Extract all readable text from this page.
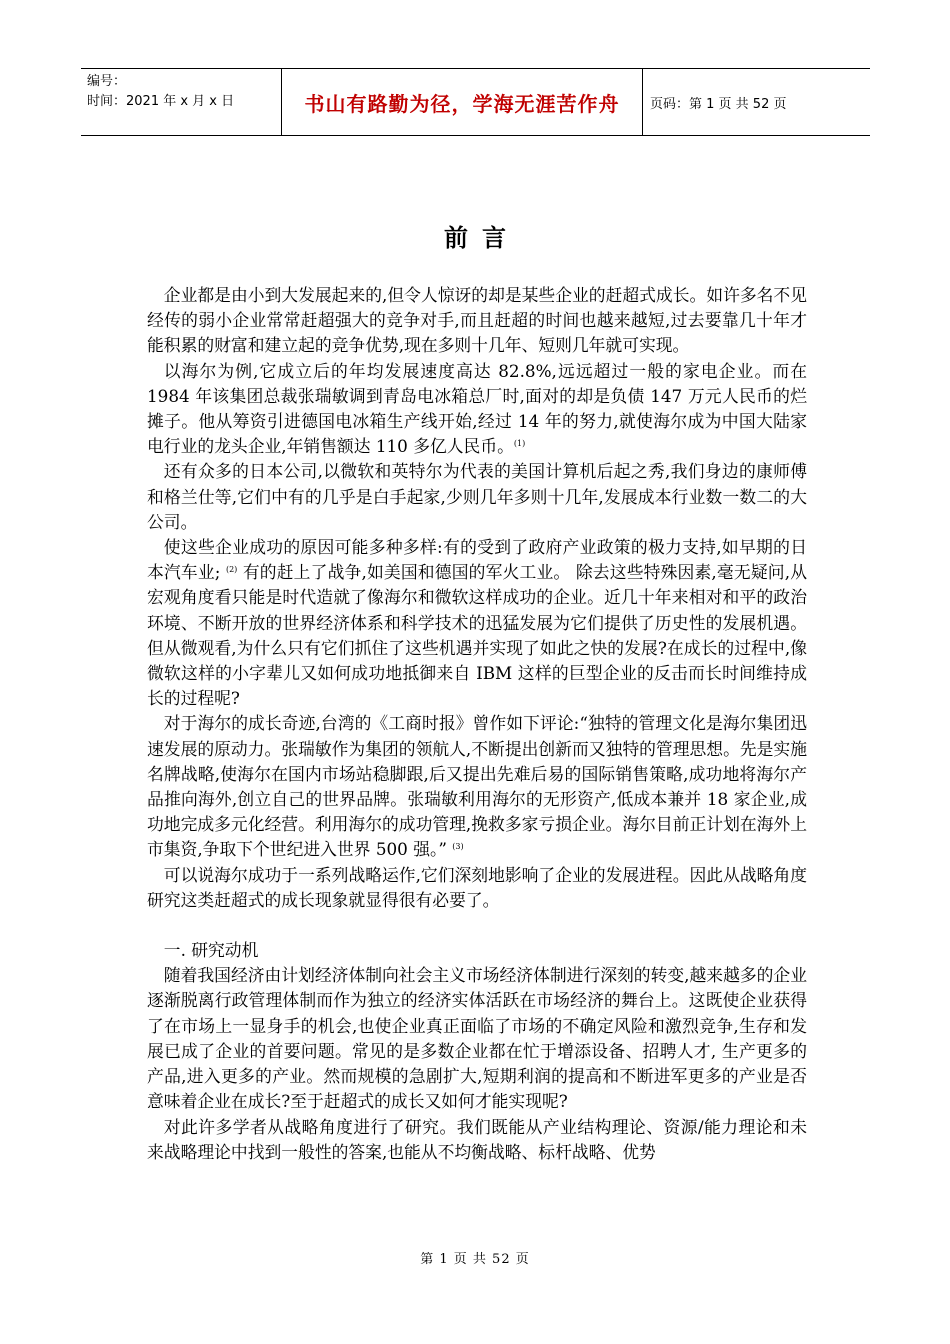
编号：
时间：2021 年 x 月 x 日	书山有路勤为径，学海无涯苦作舟	页码：第 1 页 共 52 页
前言

企业都是由小到大发展起来的,但令人惊讶的却是某些企业的赶超式成长。如许多名不见经传的弱小企业常常赶超强大的竞争对手,而且赶超的时间也越来越短,过去要靠几十年才能积累的财富和建立起的竞争优势,现在多则十几年、短则几年就可实现。

以海尔为例,它成立后的年均发展速度高达 82.8%,远远超过一般的家电企业。而在 1984 年该集团总裁张瑞敏调到青岛电冰箱总厂时,面对的却是负债 147 万元人民币的烂摊子。他从筹资引进德国电冰箱生产线开始,经过 14 年的努力,就使海尔成为中国大陆家电行业的龙头企业,年销售额达 110 多亿人民币。$^{(1)}$

还有众多的日本公司,以微软和英特尔为代表的美国计算机后起之秀,我们身边的康师傅和格兰仕等,它们中有的几乎是白手起家,少则几年多则十几年,发展成本行业数一数二的大公司。

使这些企业成功的原因可能多种多样:有的受到了政府产业政策的极力支持,如早期的日本汽车业; $^{(2)}$ 有的赶上了战争,如美国和德国的军火工业。 除去这些特殊因素,毫无疑问,从宏观角度看只能是时代造就了像海尔和微软这样成功的企业。近几十年来相对和平的政治环境、不断开放的世界经济体系和科学技术的迅猛发展为它们提供了历史性的发展机遇。但从微观看,为什么只有它们抓住了这些机遇并实现了如此之快的发展?在成长的过程中,像微软这样的小字辈儿又如何成功地抵御来自 IBM 这样的巨型企业的反击而长时间维持成长的过程呢?

对于海尔的成长奇迹,台湾的《工商时报》曾作如下评论:“独特的管理文化是海尔集团迅速发展的原动力。张瑞敏作为集团的领航人,不断提出创新而又独特的管理思想。先是实施名牌战略,使海尔在国内市场站稳脚跟,后又提出先难后易的国际销售策略,成功地将海尔产品推向海外,创立自己的世界品牌。张瑞敏利用海尔的无形资产,低成本兼并 18 家企业,成功地完成多元化经营。利用海尔的成功管理,挽救多家亏损企业。海尔目前正计划在海外上市集资,争取下个世纪进入世界 500 强。” $^{(3)}$

可以说海尔成功于一系列战略运作,它们深刻地影响了企业的发展进程。因此从战略角度研究这类赶超式的成长现象就显得很有必要了。

一. 研究动机

随着我国经济由计划经济体制向社会主义市场经济体制进行深刻的转变,越来越多的企业逐渐脱离行政管理体制而作为独立的经济实体活跃在市场经济的舞台上。这既使企业获得了在市场上一显身手的机会,也使企业真正面临了市场的不确定风险和激烈竞争,生存和发展已成了企业的首要问题。常见的是多数企业都在忙于增添设备、招聘人才, 生产更多的产品,进入更多的产业。然而规模的急剧扩大,短期利润的提高和不断进军更多的产业是否意味着企业在成长?至于赶超式的成长又如何才能实现呢?

对此许多学者从战略角度进行了研究。我们既能从产业结构理论、资源/能力理论和未来战略理论中找到一般性的答案,也能从不均衡战略、标杆战略、优势

第 1 页 共 52 页
